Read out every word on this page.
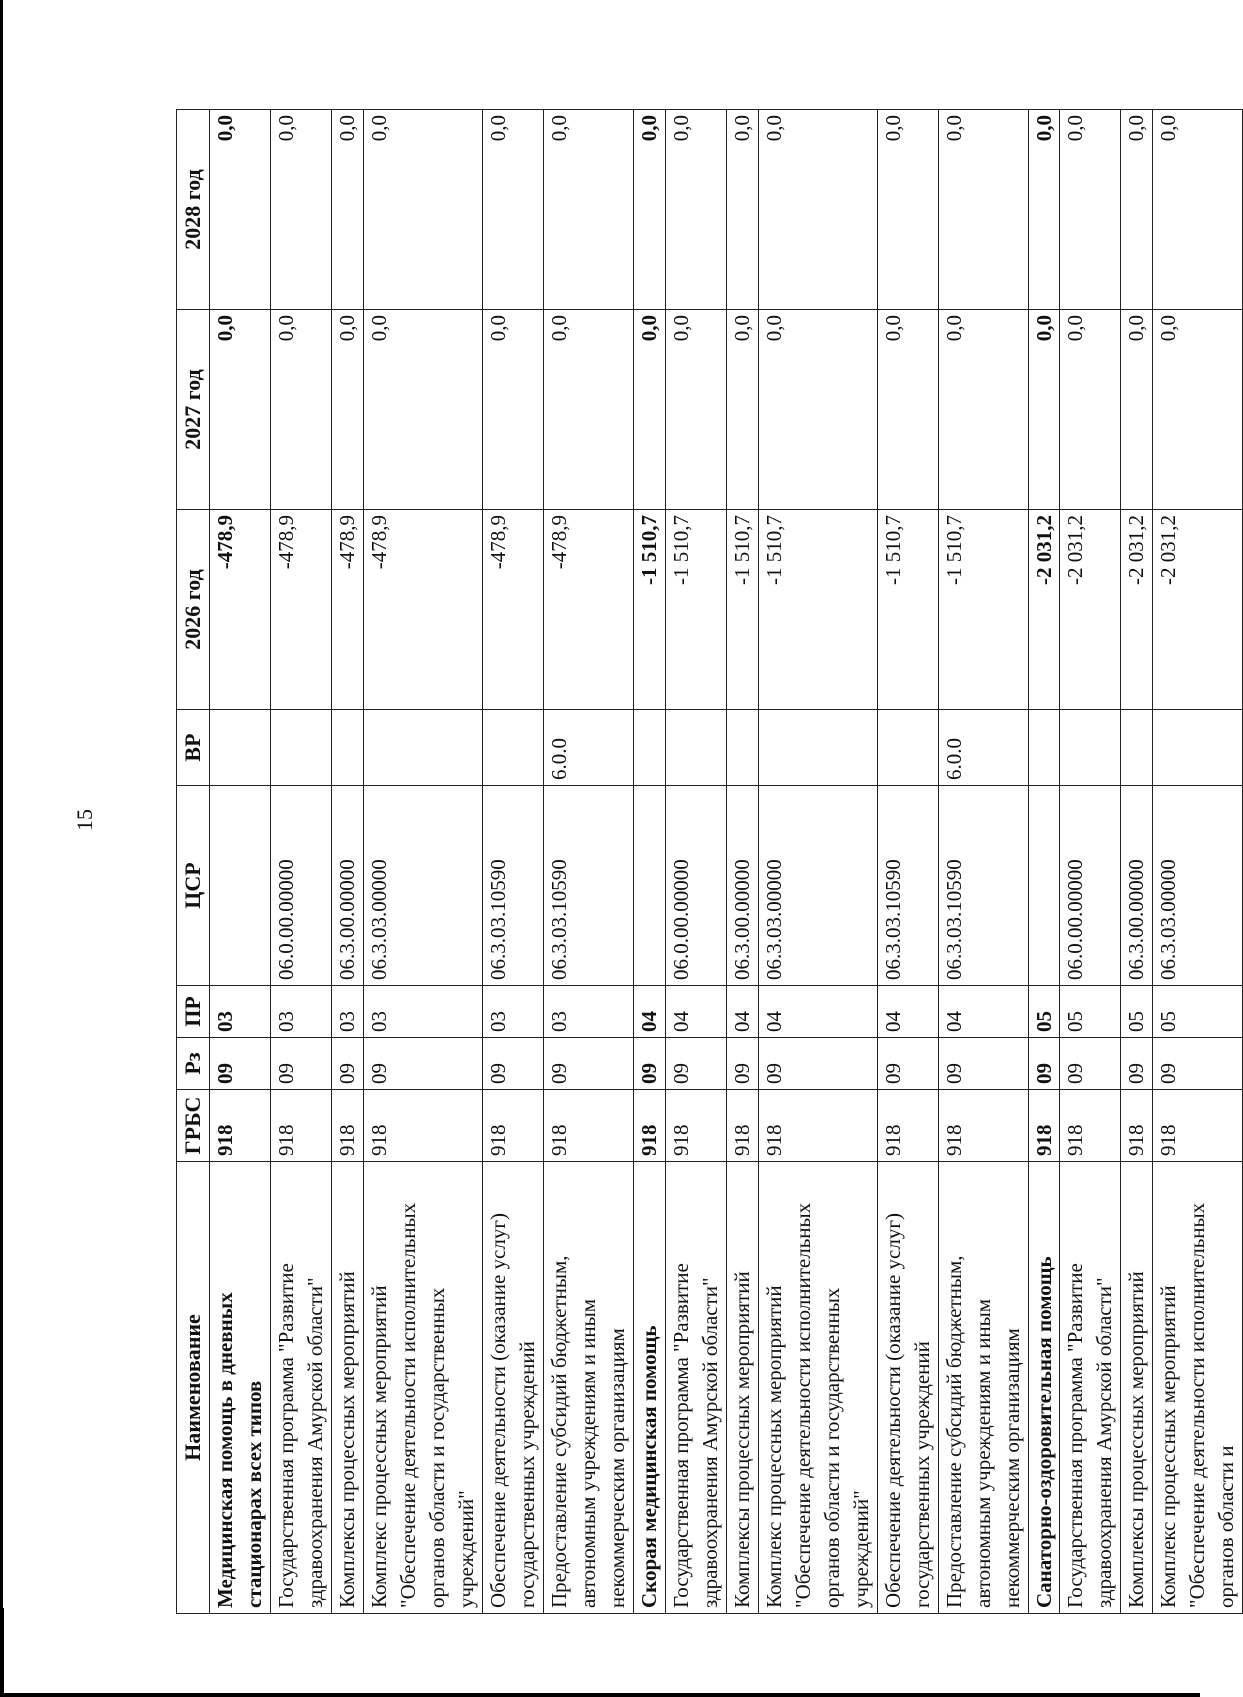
15
Наименование	ГРБС	Рз	ПР	ЦСР	ВР	2026 год	2027 год	2028 год
Медицинская помощь в дневных стационарах всех типов	918	09	03			-478,9	0,0	0,0
Государственная программа "Развитие здравоохранения Амурской области"	918	09	03	06.0.00.00000		-478,9	0,0	0,0
Комплексы процессных мероприятий	918	09	03	06.3.00.00000		-478,9	0,0	0,0
Комплекс процессных мероприятий "Обеспечение деятельности исполнительных органов области и государственных учреждений"	918	09	03	06.3.03.00000		-478,9	0,0	0,0
Обеспечение деятельности (оказание услуг) государственных учреждений	918	09	03	06.3.03.10590		-478,9	0,0	0,0
Предоставление субсидий бюджетным, автономным учреждениям и иным некоммерческим организациям	918	09	03	06.3.03.10590	6.0.0	-478,9	0,0	0,0
Скорая медицинская помощь	918	09	04			-1 510,7	0,0	0,0
Государственная программа "Развитие здравоохранения Амурской области"	918	09	04	06.0.00.00000		-1 510,7	0,0	0,0
Комплексы процессных мероприятий	918	09	04	06.3.00.00000		-1 510,7	0,0	0,0
Комплекс процессных мероприятий "Обеспечение деятельности исполнительных органов области и государственных учреждений"	918	09	04	06.3.03.00000		-1 510,7	0,0	0,0
Обеспечение деятельности (оказание услуг) государственных учреждений	918	09	04	06.3.03.10590		-1 510,7	0,0	0,0
Предоставление субсидий бюджетным, автономным учреждениям и иным некоммерческим организациям	918	09	04	06.3.03.10590	6.0.0	-1 510,7	0,0	0,0
Санаторно-оздоровительная помощь	918	09	05			-2 031,2	0,0	0,0
Государственная программа "Развитие здравоохранения Амурской области"	918	09	05	06.0.00.00000		-2 031,2	0,0	0,0
Комплексы процессных мероприятий	918	09	05	06.3.00.00000		-2 031,2	0,0	0,0
Комплекс процессных мероприятий "Обеспечение деятельности исполнительных органов области и	918	09	05	06.3.03.00000		-2 031,2	0,0	0,0
